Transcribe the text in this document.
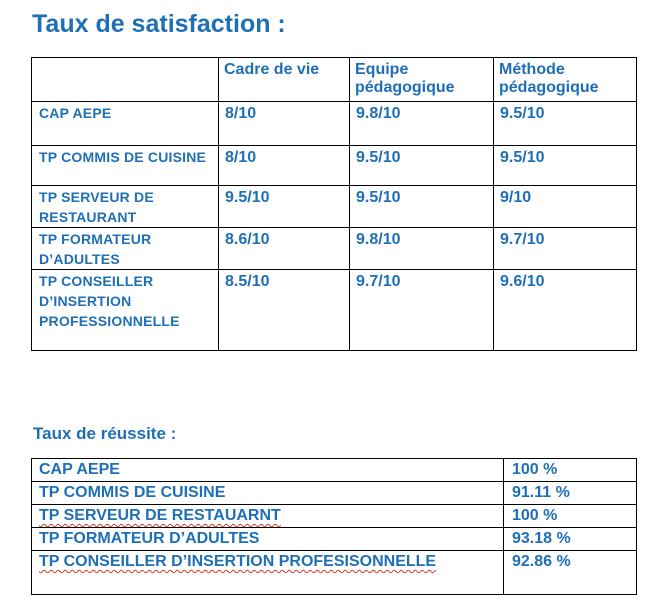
Taux de satisfaction :
	Cadre de vie	Equipe pédagogique	Méthode pédagogique
CAP AEPE	8/10	9.8/10	9.5/10
TP COMMIS DE CUISINE	8/10	9.5/10	9.5/10
TP SERVEUR DE RESTAURANT	9.5/10	9.5/10	9/10
TP FORMATEUR D’ADULTES	8.6/10	9.8/10	9.7/10
TP CONSEILLER D’INSERTION PROFESSIONNELLE	8.5/10	9.7/10	9.6/10
Taux de réussite :
CAP AEPE	100 %
TP COMMIS DE CUISINE	91.11 %
TP SERVEUR DE RESTAUARNT	100 %
TP FORMATEUR D’ADULTES	93.18 %
TP CONSEILLER D’INSERTION PROFESISONNELLE	92.86 %
